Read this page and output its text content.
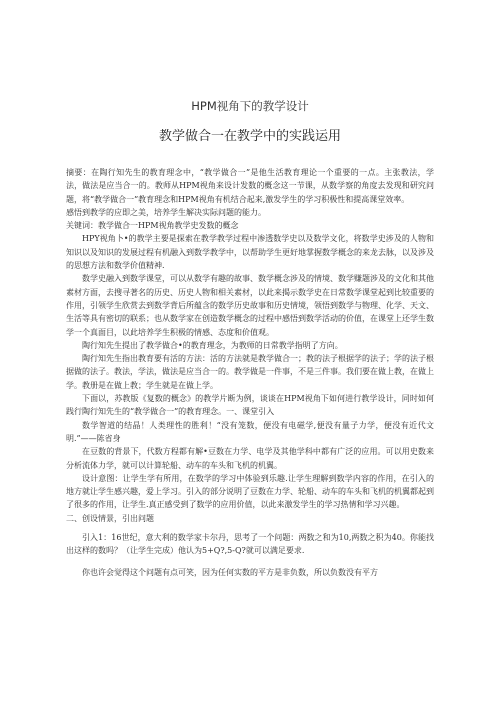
HPM视角下的教学设计
教学做合一在教学中的实践运用

摘要：在陶行知先生的教育理念中，“教学做合一”是他生活教育理论一个重要的一点。主张教法，学法，做法是应当合一的。教师从HPM视角来设计发数的概念这一节课，从数学察的角度去发现和研究问题，将“教学做合一”教育理念和HPM视角有机结合起来,激发学生的学习积极性和提高课堂效率。

感悟到教学的应即之美，培养学生解决实际问题的能力。

关键词：教学做合一HPM视角教学史发数的概念

HPY视角卜•的教学主要是探索在教学教学过程中渗透数学史以及数学文化，将数学史涉及的人物和知识以及知识的发展过程有机融入到数学教学中，以帮助学生更好地掌握数学概念的来龙去脉，以及涉及的思想方法和数学价值精神.

数学史融入到数学课堂，可以从数学有趣的故事、数学概念涉及的情境、数学赚题涉及的文化和其他素材方面，去搜寻著名的历史、历史人物和相关素材，以此来揭示数学史在日常数学课堂起到比较重要的作用，引领学生欣赏去到数学背后所蕴含的数学历史故事和历史情境，领悟到数学与物理、化学、天文、生活等具有密切的联系；也从数学家在创造数学概念的过程中感悟到数学活动的价值，在课堂上还学生数学一个真面目，以此培养学生积极的情感、态度和价值观。

陶行知先生提出了教学做合•的教育理念，为教师的日常教学指明了方向。

陶行知先生指出教育要有活的方法：活的方法就是教学做合一；教的法子根据学的法子；学的法子根据做的法子。教法，学法，做法是应当合一的。教学做是一件事，不是三件事。我们要在做上教，在做上学。教册是在做上教；学生就是在做上学。

下面以，苏教版《复数的概念》的教学片断为例，谈谈在HPM视角下如何进行教学设计，同时如何践行陶行知先生的“教学做合一”的教育理念。一、课堂引入

数学智道的结晶！人类理性的胜利！“没有笼数，便没有电磁学,便没有量子力学，便没有近代文明.”——陈省身

在豆数的背景下，代数方程都有解•豆数在力学、电学及其他学科中都有广泛的应用。可以用史数来分析流体力学，就可以计算轮船、动车的车头和飞机的机翼。

设计意图：让学生学有所用，在数学的学习中体验到乐趣.让学生理解到数学内容的作用，在引入的地方就让学生感兴趣，爱上学习。引入的部分说明了豆数在力学、轮船、动车的车头和飞机的机翼都起到了很多的作用，让学生.真正感受到了数学的应用价值，以此来激发学生的学习热情和学习兴趣。

二、创设情景，引出问题

引入1：16世纪，意大利的数学家卡尔丹，思考了一个问题：两数之和为10,两数之积为40。你能找出这样的数吗？（让学生完成）他认为5+Q?,5-Q?就可以满足要求.

你也许会觉得这个问题有点可笑，因为任何实数的平方是非负数，所以负数没有平方
